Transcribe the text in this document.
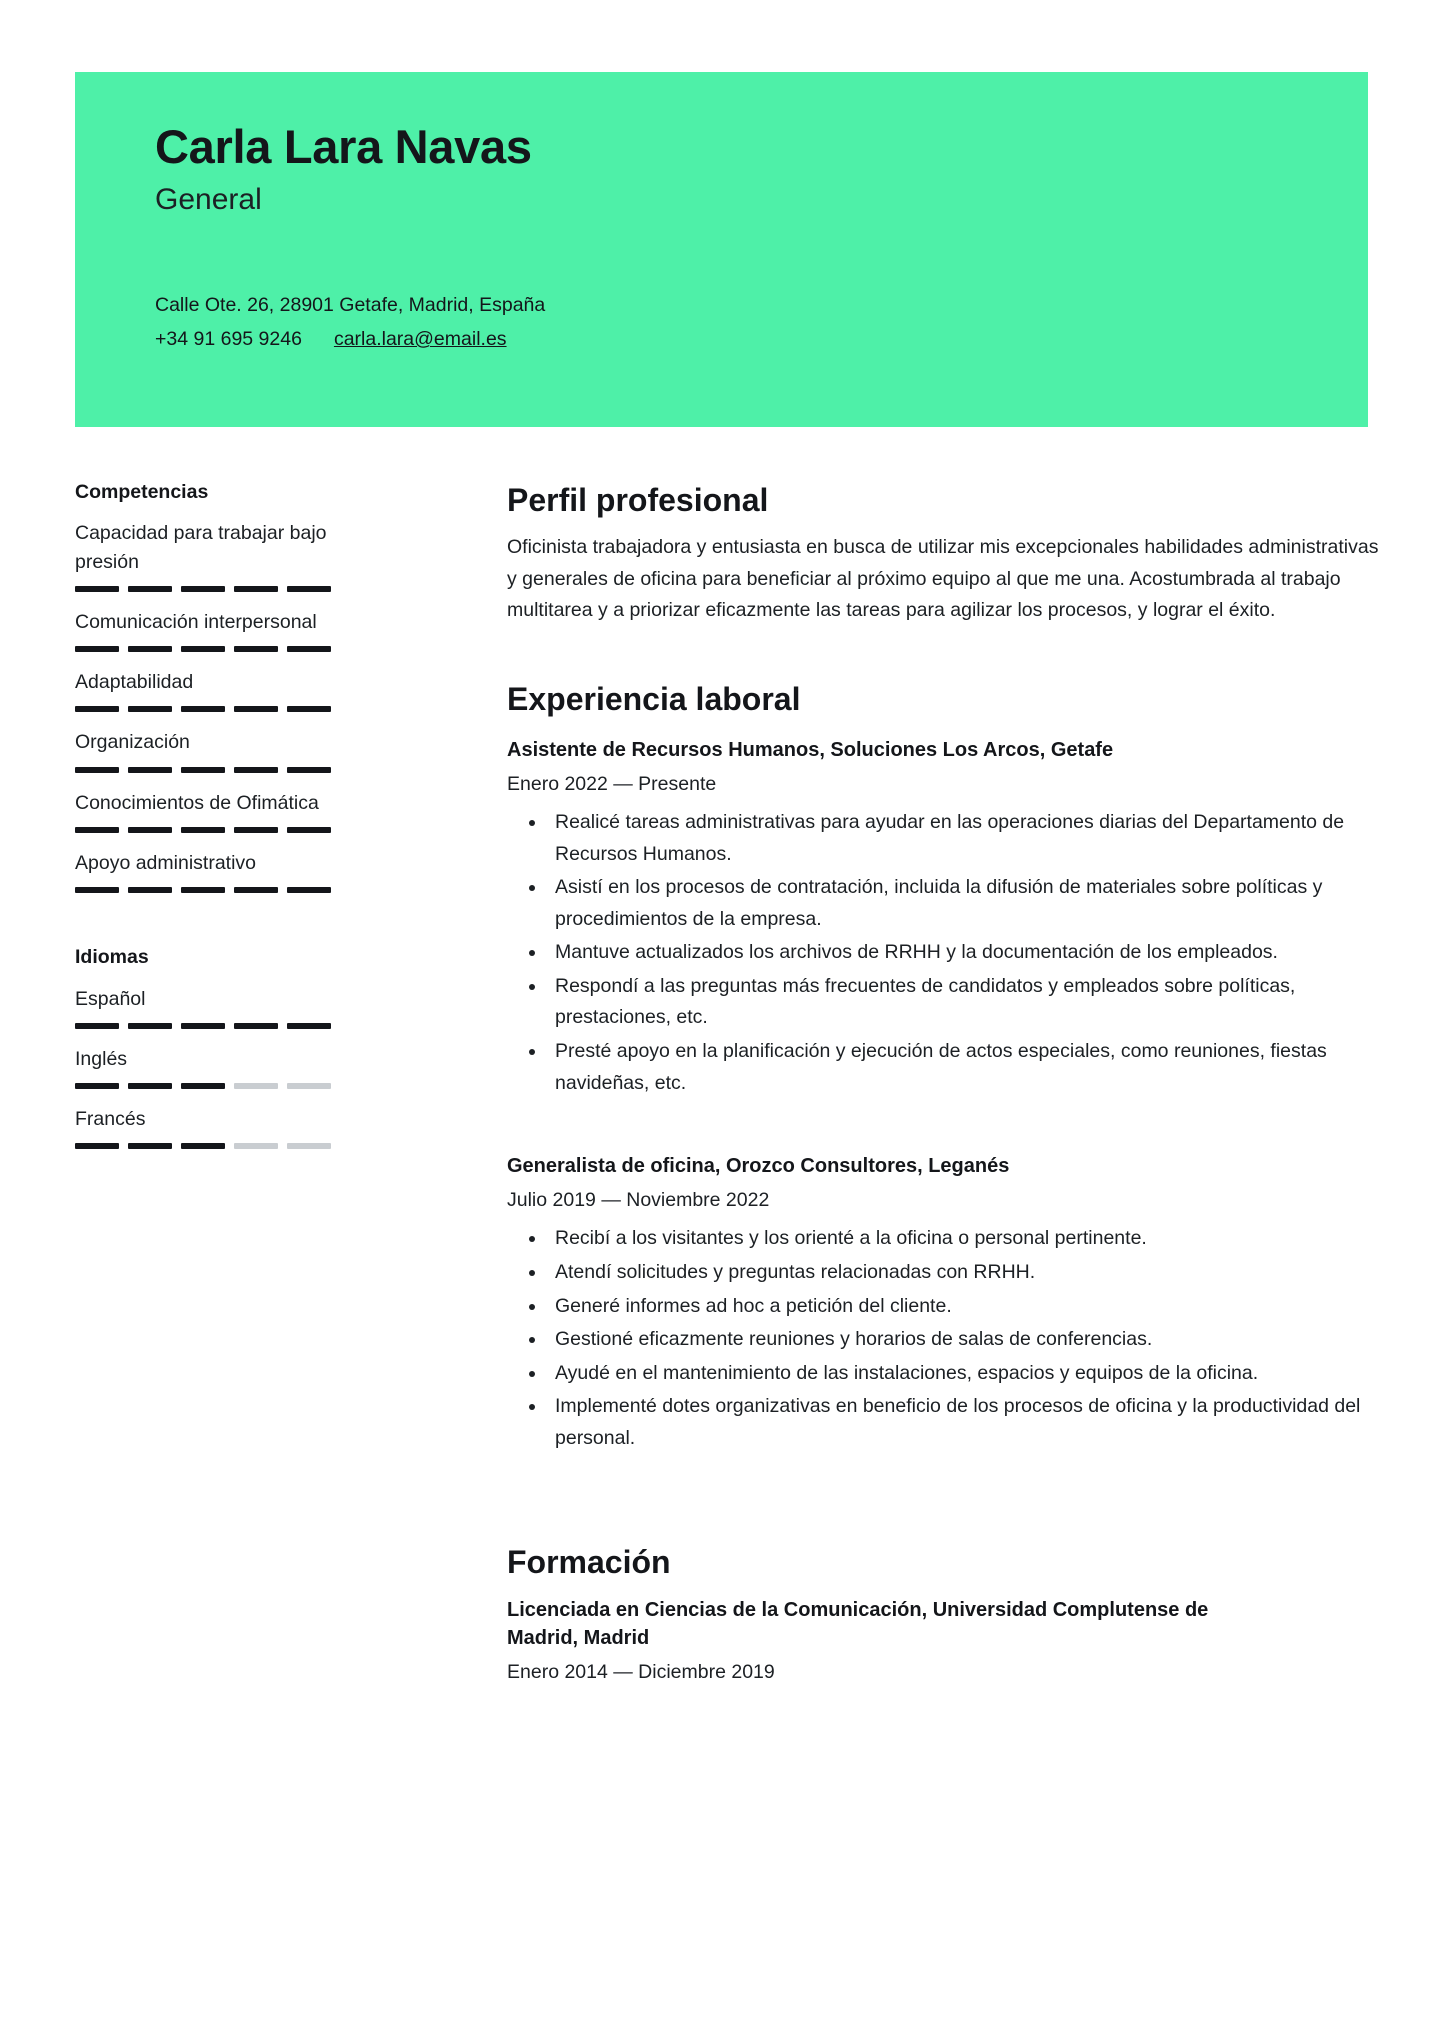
Carla Lara Navas
General
Calle Ote. 26, 28901 Getafe, Madrid, España
+34 91 695 9246 carla.lara@email.es
Competencias
Capacidad para trabajar bajo presión
Comunicación interpersonal
Adaptabilidad
Organización
Conocimientos de Ofimática
Apoyo administrativo
Idiomas
Español
Inglés
Francés
Perfil profesional

Oficinista trabajadora y entusiasta en busca de utilizar mis excepcionales habilidades administrativas y generales de oficina para beneficiar al próximo equipo al que me una. Acostumbrada al trabajo multitarea y a priorizar eficazmente las tareas para agilizar los procesos, y lograr el éxito.

Experiencia laboral
Asistente de Recursos Humanos, Soluciones Los Arcos, Getafe
Enero 2022 — Presente
• Realicé tareas administrativas para ayudar en las operaciones diarias del Departamento de Recursos Humanos.
• Asistí en los procesos de contratación, incluida la difusión de materiales sobre políticas y procedimientos de la empresa.
• Mantuve actualizados los archivos de RRHH y la documentación de los empleados.
• Respondí a las preguntas más frecuentes de candidatos y empleados sobre políticas, prestaciones, etc.
• Presté apoyo en la planificación y ejecución de actos especiales, como reuniones, fiestas navideñas, etc.
Generalista de oficina, Orozco Consultores, Leganés
Julio 2019 — Noviembre 2022
• Recibí a los visitantes y los orienté a la oficina o personal pertinente.
• Atendí solicitudes y preguntas relacionadas con RRHH.
• Generé informes ad hoc a petición del cliente.
• Gestioné eficazmente reuniones y horarios de salas de conferencias.
• Ayudé en el mantenimiento de las instalaciones, espacios y equipos de la oficina.
• Implementé dotes organizativas en beneficio de los procesos de oficina y la productividad del personal.
Formación
Licenciada en Ciencias de la Comunicación, Universidad Complutense de Madrid, Madrid
Enero 2014 — Diciembre 2019
